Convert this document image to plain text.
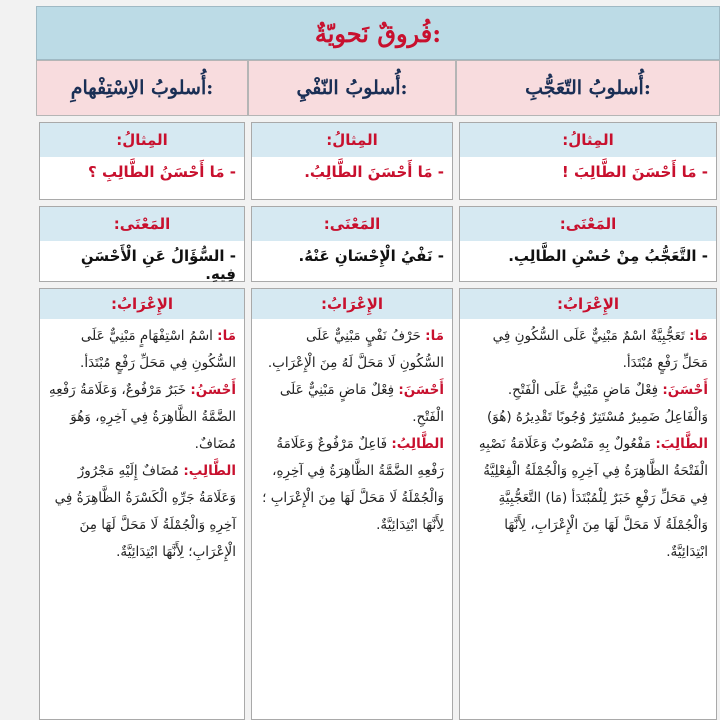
فُروقٌ نَحويّةٌ:
أُسلوبُ التّعَجُّبِ:
المِثالُ:
- مَا أَحْسَنَ الطَّالِبَ !
المَعْنَى:
- التَّعَجُّبُ مِنْ حُسْنِ الطَّالِبِ.
الإِعْرَابُ:
مَا: تَعَجُّبِيَّةٌ اسْمٌ مَبْنِيٌّ عَلَى السُّكُونِ فِي مَحَلِّ رَفْعٍ مُبْتَدَأ.
أَحْسَنَ: فِعْلٌ مَاضٍ مَبْنِيٌّ عَلَى الْفَتْحِ. وَالْفَاعِلُ ضَمِيرٌ مُسْتَتِرٌ وُجُوبًا تَقْدِيرُهُ (هُوَ)
الطَّالِبَ: مَفْعُولٌ بِهِ مَنْصُوبٌ وَعَلَامَةُ نَصْبِهِ الْفَتْحَةُ الظَّاهِرَةُ فِي آخِرِهِ وَالْجُمْلَةُ الْفِعْلِيَّةُ فِي مَحَلِّ رَفْعِ خَبَرٌ لِلْمُبْتَدَأ (مَا) التَّعَجُّبِيَّةِ وَالْجُمْلَةُ لَا مَحَلَّ لَهَا مِنَ الْإِعْرَابِ، لِأَنَّهَا ابْتِدَائِيَّةٌ.
أُسلوبُ النّفْيِ:
المِثالُ:
- مَا أَحْسَنَ الطَّالِبُ.
المَعْنَى:
- نَفْيُ الْإِحْسَانِ عَنْهُ.
الإِعْرَابُ:
مَا: حَرْفُ نَفْيٍ مَبْنِيٌّ عَلَى السُّكُونِ لَا مَحَلَّ لَهُ مِنَ الْإِعْرَابِ.
أَحْسَنَ: فِعْلٌ مَاضٍ مَبْنِيٌّ عَلَى الْفَتْحِ.
الطَّالِبُ: فَاعِلٌ مَرْفُوعٌ وَعَلَامَةُ رَفْعِهِ الضَّمَّةُ الظَّاهِرَةُ فِي آخِرِهِ، وَالْجُمْلَةُ لَا مَحَلَّ لَهَا مِنَ الْإِعْرَابِ ؛ لِأَنَّهَا ابْتِدَائِيَّةٌ.
أُسلوبُ الاِسْتِفْهامِ:
المِثالُ:
- مَا أَحْسَنُ الطَّالِبِ ؟
المَعْنَى:
- السُّؤَالُ عَنِ الْأَحْسَنِ فِيهِ.
الإِعْرَابُ:
مَا: اسْمُ اسْتِفْهَامٍ مَبْنِيٌّ عَلَى السُّكُونِ فِي مَحَلِّ رَفْعٍ مُبْتَدَأ.
أَحْسَنُ: خَبَرٌ مَرْفُوعٌ، وَعَلَامَةُ رَفْعِهِ الضَّمَّةُ الظَّاهِرَةُ فِي آخِرِهِ، وَهُوَ مُضَافٌ.
الطَّالِبِ: مُضَافٌ إِلَيْهِ مَجْرُورٌ وَعَلَامَةُ جَرِّهِ الْكَسْرَةُ الظَّاهِرَةُ فِي آخِرِهِ وَالْجُمْلَةُ لَا مَحَلَّ لَهَا مِنَ الْإِعْرَابِ؛ لِأَنَّهَا ابْتِدَائِيَّةٌ.
